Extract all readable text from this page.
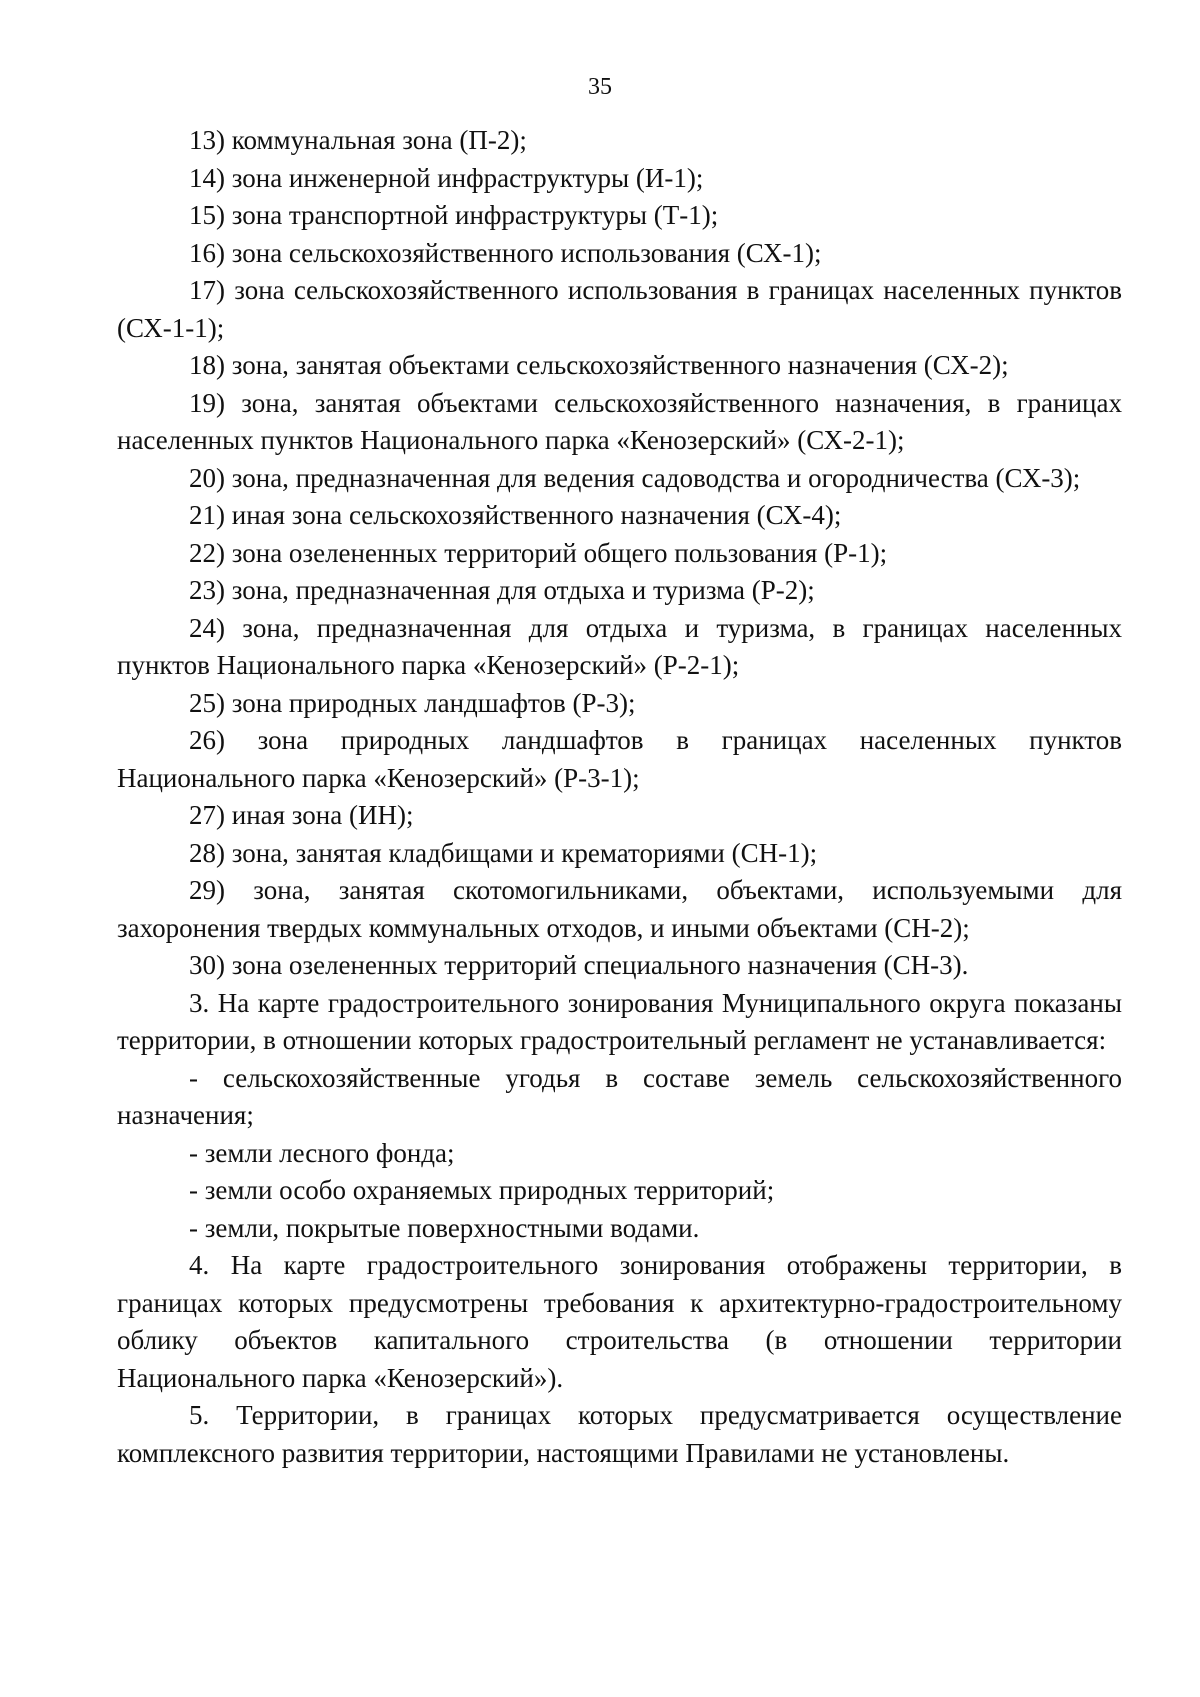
35

13) коммунальная зона (П-2);

14) зона инженерной инфраструктуры (И-1);

15) зона транспортной инфраструктуры (Т-1);

16) зона сельскохозяйственного использования (СХ-1);

17) зона сельскохозяйственного использования в границах населенных пунктов (СХ-1-1);

18) зона, занятая объектами сельскохозяйственного назначения (СХ-2);

19) зона, занятая объектами сельскохозяйственного назначения, в границах населенных пунктов Национального парка «Кенозерский» (СХ-2-1);

20) зона, предназначенная для ведения садоводства и огородничества (СХ-3);

21) иная зона сельскохозяйственного назначения (СХ-4);

22) зона озелененных территорий общего пользования (Р-1);

23) зона, предназначенная для отдыха и туризма (Р-2);

24) зона, предназначенная для отдыха и туризма, в границах населенных пунктов Национального парка «Кенозерский» (Р-2-1);

25) зона природных ландшафтов (Р-3);

26) зона природных ландшафтов в границах населенных пунктов Национального парка «Кенозерский» (Р-3-1);

27) иная зона (ИН);

28) зона, занятая кладбищами и крематориями (СН-1);

29) зона, занятая скотомогильниками, объектами, используемыми для захоронения твердых коммунальных отходов, и иными объектами (СН-2);

30) зона озелененных территорий специального назначения (СН-3).

3. На карте градостроительного зонирования Муниципального округа показаны территории, в отношении которых градостроительный регламент не устанавливается:

- сельскохозяйственные угодья в составе земель сельскохозяйственного назначения;

- земли лесного фонда;

- земли особо охраняемых природных территорий;

- земли, покрытые поверхностными водами.

4. На карте градостроительного зонирования отображены территории, в границах которых предусмотрены требования к архитектурно-градостроительному облику объектов капитального строительства (в отношении территории Национального парка «Кенозерский»).

5. Территории, в границах которых предусматривается осуществление комплексного развития территории, настоящими Правилами не установлены.
